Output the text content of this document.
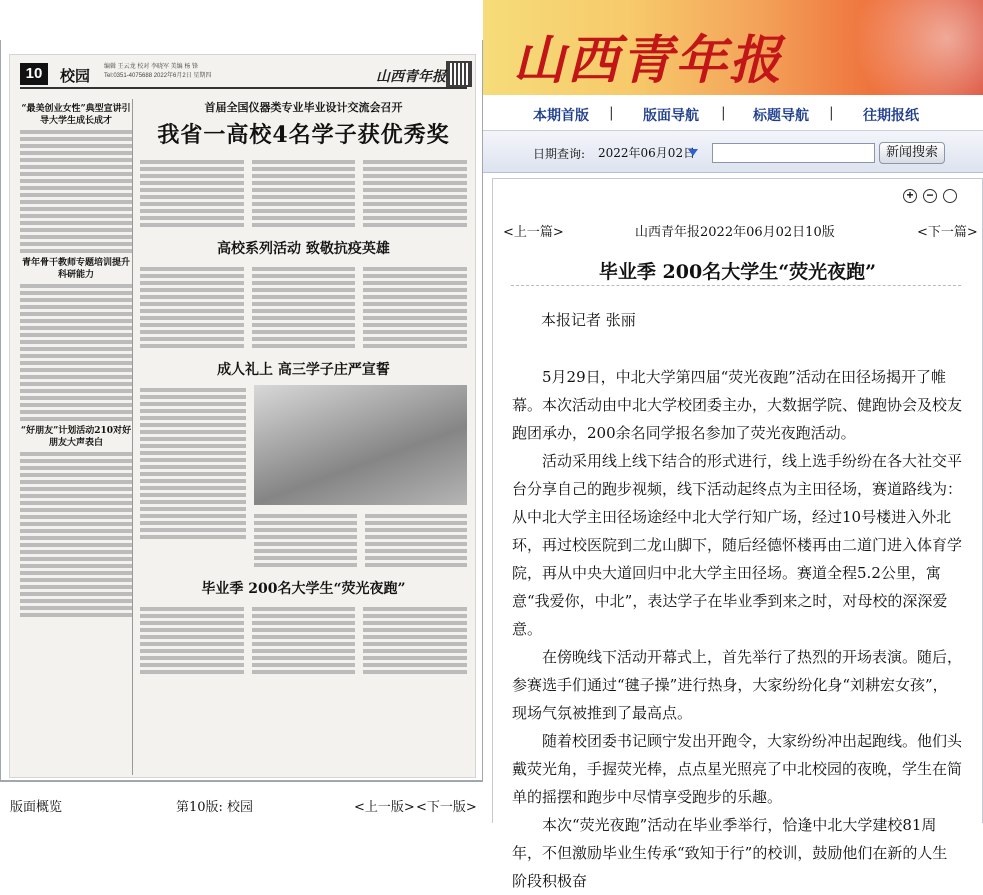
10	校园 编辑 王云龙 校对 李晓军 美编 杨 锋
Tel:0351-4075688 2022年6月2日 星期四	山西青年报
“最美创业女性”典型宣讲引导大学生成长成才
青年骨干教师专题培训提升科研能力
“好朋友”计划活动210对好朋友大声表白
首届全国仪器类专业毕业设计交流会召开
我省一高校4名学子获优秀奖
高校系列活动 致敬抗疫英雄
成人礼上 高三学子庄严宣誓
毕业季 200名大学生“荧光夜跑”
版面概览	第10版: 校园	<上一版> <下一版>
山西青年报
本期首版 | 版面导航 | 标题导航 | 往期报纸
日期查询: 2022年06月02日	新闻搜索
+ −
<上一篇>	山西青年报2022年06月02日10版	<下一篇>
毕业季 200名大学生“荧光夜跑”
本报记者 张丽

5月29日，中北大学第四届“荧光夜跑”活动在田径场揭开了帷幕。本次活动由中北大学校团委主办，大数据学院、健跑协会及校友跑团承办，200余名同学报名参加了荧光夜跑活动。

活动采用线上线下结合的形式进行，线上选手纷纷在各大社交平台分享自己的跑步视频，线下活动起终点为主田径场，赛道路线为：从中北大学主田径场途经中北大学行知广场，经过10号楼进入外北环，再过校医院到二龙山脚下，随后经德怀楼再由二道门进入体育学院，再从中央大道回归中北大学主田径场。赛道全程5.2公里，寓意“我爱你，中北”，表达学子在毕业季到来之时，对母校的深深爱意。

在傍晚线下活动开幕式上，首先举行了热烈的开场表演。随后，参赛选手们通过“毽子操”进行热身，大家纷纷化身“刘耕宏女孩”，现场气氛被推到了最高点。

随着校团委书记顾宁发出开跑令，大家纷纷冲出起跑线。他们头戴荧光角，手握荧光棒，点点星光照亮了中北校园的夜晚，学生在简单的摇摆和跑步中尽情享受跑步的乐趣。

本次“荧光夜跑”活动在毕业季举行，恰逢中北大学建校81周年，不但激励毕业生传承“致知于行”的校训，鼓励他们在新的人生阶段积极奋
